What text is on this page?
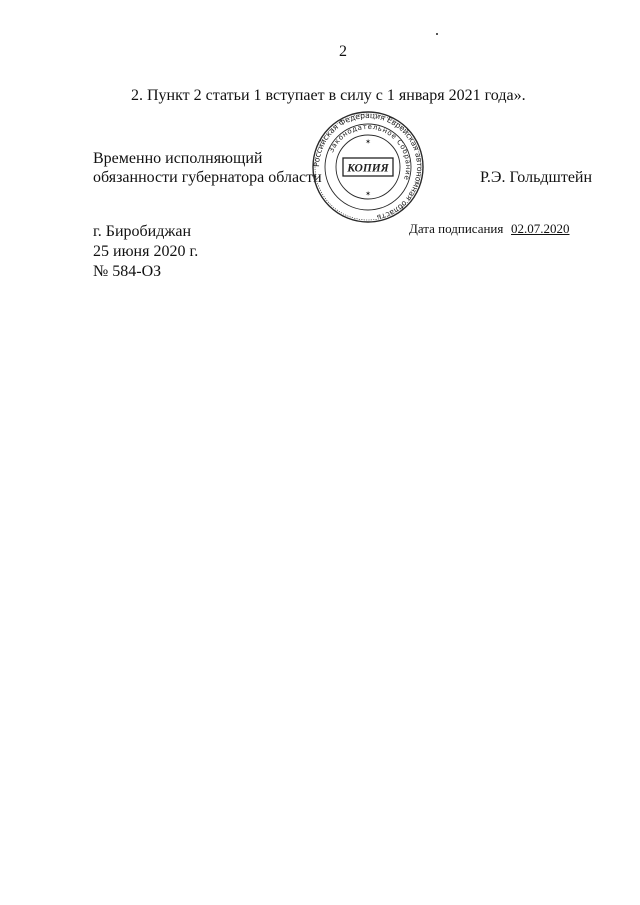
2
2. Пункт 2 статьи 1 вступает в силу с 1 января 2021 года».
Временно исполняющий
обязанности губернатора области	Р.Э. Гольдштейн
Российская Федерация Еврейская автономная область
Законодательное Собрание
КОПИЯ
✶
✶
г. Биробиджан
25 июня 2020 г.
№ 584-ОЗ
Дата подписания 02.07.2020
